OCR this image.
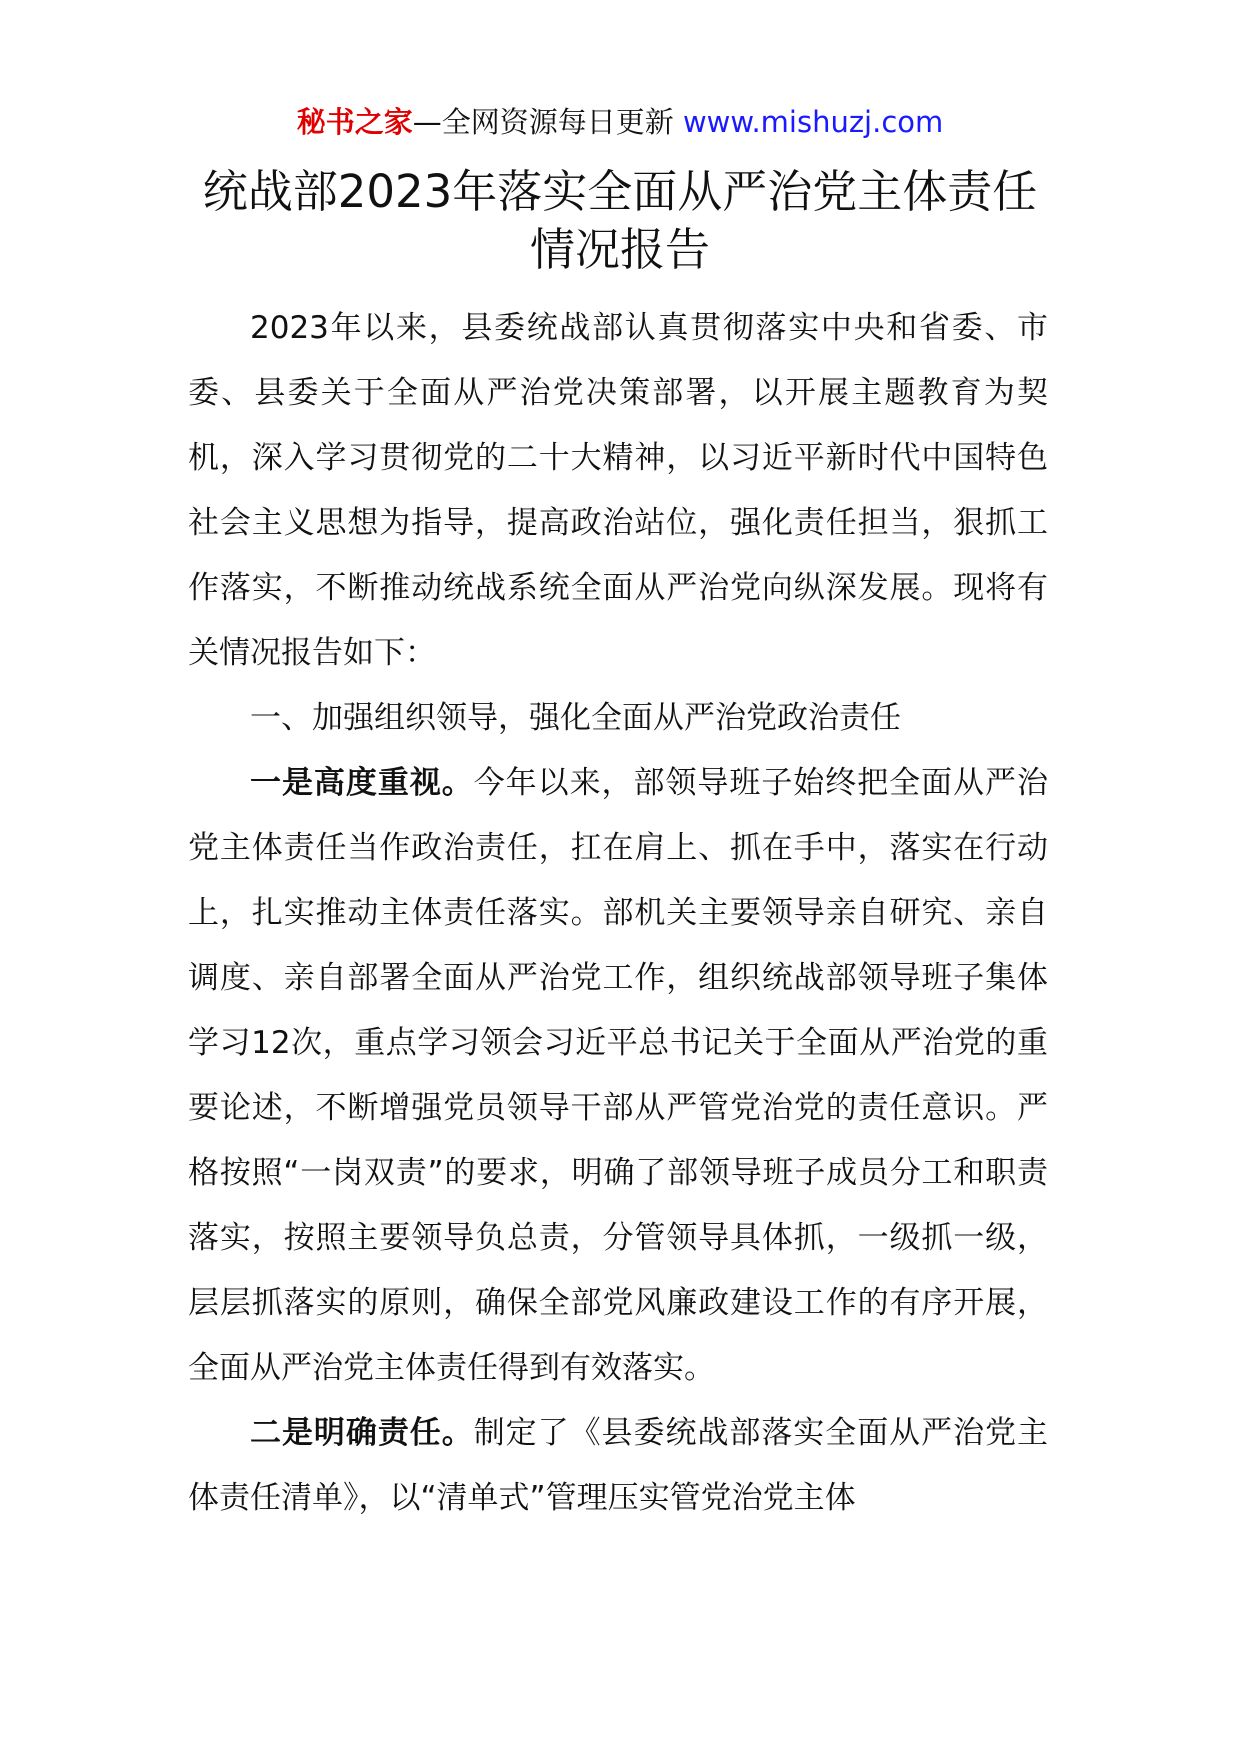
秘书之家—全网资源每日更新 www.mishuzj.com
统战部2023年落实全面从严治党主体责任情况报告

2023年以来，县委统战部认真贯彻落实中央和省委、市委、县委关于全面从严治党决策部署，以开展主题教育为契机，深入学习贯彻党的二十大精神，以习近平新时代中国特色社会主义思想为指导，提高政治站位，强化责任担当，狠抓工作落实，不断推动统战系统全面从严治党向纵深发展。现将有关情况报告如下：

一、加强组织领导，强化全面从严治党政治责任

一是高度重视。今年以来，部领导班子始终把全面从严治党主体责任当作政治责任，扛在肩上、抓在手中，落实在行动上，扎实推动主体责任落实。部机关主要领导亲自研究、亲自调度、亲自部署全面从严治党工作，组织统战部领导班子集体学习12次，重点学习领会习近平总书记关于全面从严治党的重要论述，不断增强党员领导干部从严管党治党的责任意识。严格按照“一岗双责”的要求，明确了部领导班子成员分工和职责落实，按照主要领导负总责，分管领导具体抓，一级抓一级，层层抓落实的原则，确保全部党风廉政建设工作的有序开展，全面从严治党主体责任得到有效落实。

二是明确责任。制定了《县委统战部落实全面从严治党主体责任清单》，以“清单式”管理压实管党治党主体
